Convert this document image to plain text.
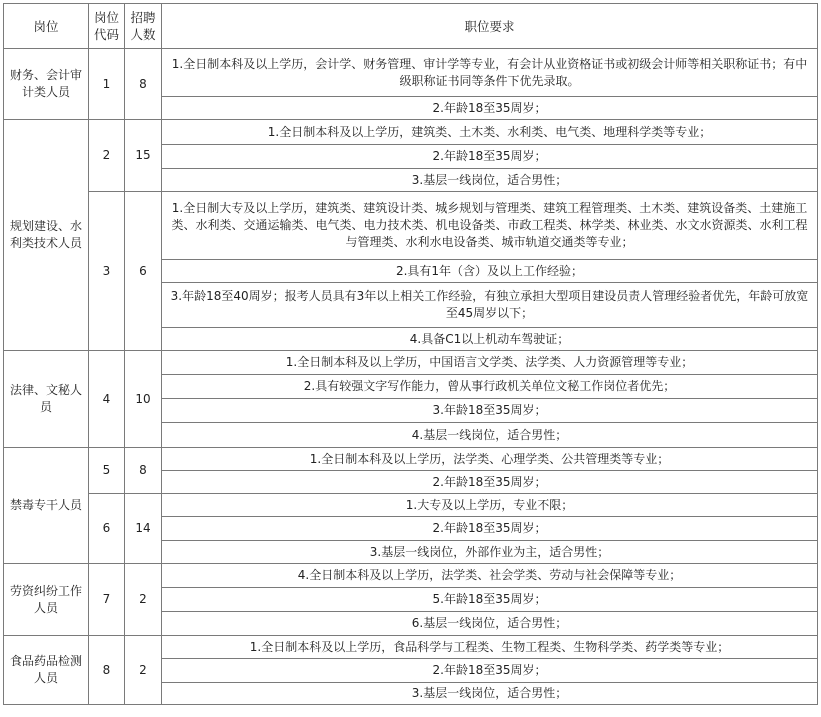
岗位	岗位代码	招聘人数	职位要求
财务、会计审计类人员	1	8	1.全日制本科及以上学历，会计学、财务管理、审计学等专业，有会计从业资格证书或初级会计师等相关职称证书；有中级职称证书同等条件下优先录取。
			2.年龄18至35周岁；
规划建设、水利类技术人员	2	15	1.全日制本科及以上学历，建筑类、土木类、水利类、电气类、地理科学类等专业；
			2.年龄18至35周岁；
			3.基层一线岗位，适合男性；
	3	6	1.全日制大专及以上学历，建筑类、建筑设计类、城乡规划与管理类、建筑工程管理类、土木类、建筑设备类、土建施工类、水利类、交通运输类、电气类、电力技术类、机电设备类、市政工程类、林学类、林业类、水文水资源类、水利工程与管理类、水利水电设备类、城市轨道交通类等专业；
			2.具有1年（含）及以上工作经验；
			3.年龄18至40周岁；报考人员具有3年以上相关工作经验，有独立承担大型项目建设员责人管理经验者优先，年龄可放宽至45周岁以下；
			4.具备C1以上机动车驾驶证；
法律、文秘人员	4	10	1.全日制本科及以上学历，中国语言文学类、法学类、人力资源管理等专业；
			2.具有较强文字写作能力，曾从事行政机关单位文秘工作岗位者优先；
			3.年龄18至35周岁；
			4.基层一线岗位，适合男性；
禁毒专干人员	5	8	1.全日制本科及以上学历，法学类、心理学类、公共管理类等专业；
			2.年龄18至35周岁；
	6	14	1.大专及以上学历，专业不限；
			2.年龄18至35周岁；
			3.基层一线岗位，外部作业为主，适合男性；
劳资纠纷工作人员	7	2	4.全日制本科及以上学历，法学类、社会学类、劳动与社会保障等专业；
			5.年龄18至35周岁；
			6.基层一线岗位，适合男性；
食品药品检测人员	8	2	1.全日制本科及以上学历，食品科学与工程类、生物工程类、生物科学类、药学类等专业；
			2.年龄18至35周岁；
			3.基层一线岗位，适合男性；
